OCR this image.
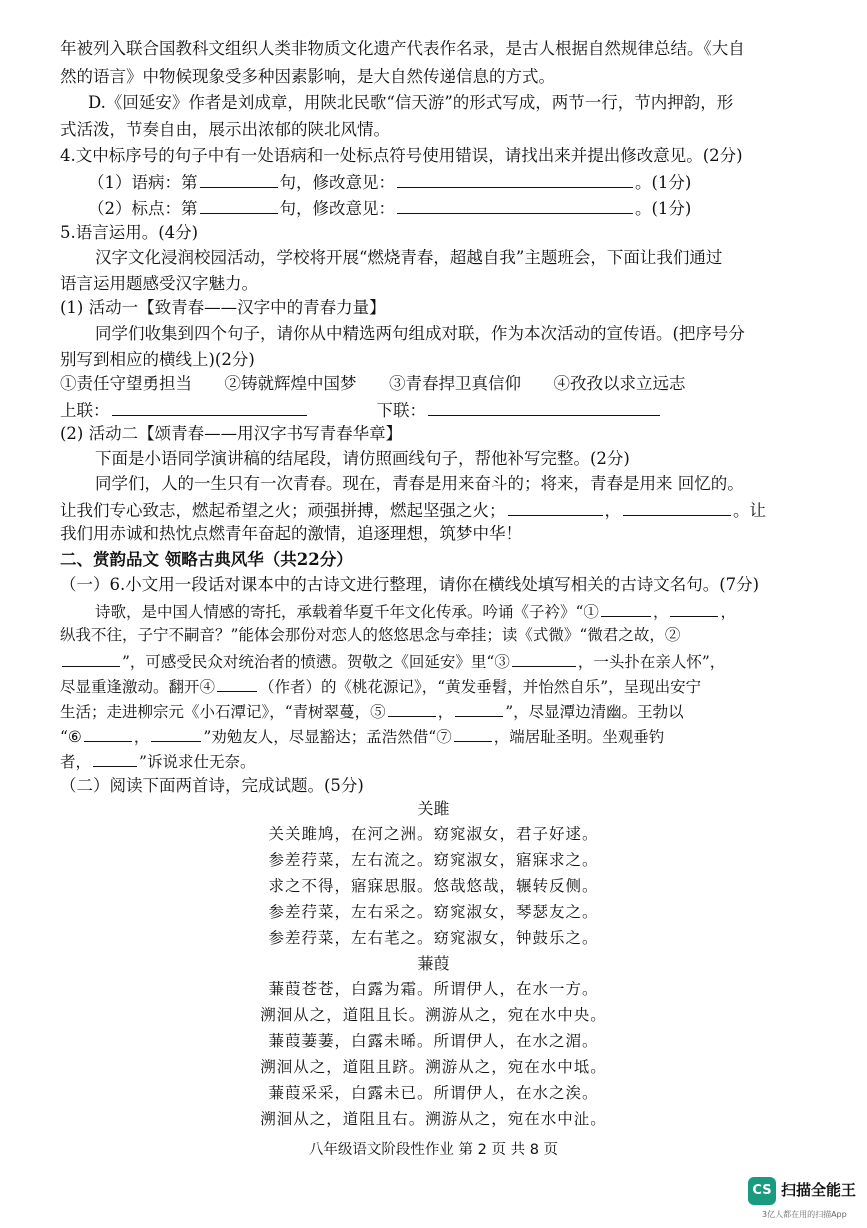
年被列入联合国教科文组织人类非物质文化遗产代表作名录，是古人根据自然规律总结。《大自
然的语言》中物候现象受多种因素影响，是大自然传递信息的方式。
D.《回延安》作者是刘成章，用陕北民歌“信天游”的形式写成，两节一行，节内押韵，形
式活泼，节奏自由，展示出浓郁的陕北风情。
4.文中标序号的句子中有一处语病和一处标点符号使用错误，请找出来并提出修改意见。(2分)
（1）语病：第	句，修改意见：	。(1分)
（2）标点：第	句，修改意见：	。(1分)
5.语言运用。(4分)
汉字文化浸润校园活动，学校将开展“燃烧青春，超越自我”主题班会，下面让我们通过
语言运用题感受汉字魅力。
(1) 活动一【致青春——汉字中的青春力量】
同学们收集到四个句子，请你从中精选两句组成对联，作为本次活动的宣传语。(把序号分
别写到相应的横线上)(2分)
①责任守望勇担当 ②铸就辉煌中国梦 ③青春捍卫真信仰 ④孜孜以求立远志
上联：	下联：
(2) 活动二【颂青春——用汉字书写青春华章】
下面是小语同学演讲稿的结尾段，请仿照画线句子，帮他补写完整。(2分)
同学们，人的一生只有一次青春。现在，青春是用来奋斗的；将来，青春是用来 回忆的。
让我们专心致志，燃起希望之火；顽强拼搏，燃起坚强之火；	，	。让
我们用赤诚和热忱点燃青年奋起的激情，追逐理想，筑梦中华！
二、赏韵品文 领略古典风华（共22分）
（一）6.小文用一段话对课本中的古诗文进行整理，请你在横线处填写相关的古诗文名句。(7分)
诗歌，是中国人情感的寄托，承载着华夏千年文化传承。吟诵《子衿》“①	，	，
纵我不往，子宁不嗣音？”能体会那份对恋人的悠悠思念与牵挂；读《式微》“微君之故，②
”，可感受民众对统治者的愤懑。贺敬之《回延安》里“③	，一头扑在亲人怀”，
尽显重逢激动。翻开④	（作者）的《桃花源记》，“黄发垂髫，并怡然自乐”，呈现出安宁
生活；走进柳宗元《小石潭记》，“青树翠蔓，⑤	，	”，尽显潭边清幽。王勃以
“⑥	，	”劝勉友人，尽显豁达；孟浩然借“⑦	，端居耻圣明。坐观垂钓
者，	”诉说求仕无奈。
（二）阅读下面两首诗，完成试题。(5分)
关雎
关关雎鸠，在河之洲。窈窕淑女，君子好逑。
参差荇菜，左右流之。窈窕淑女，寤寐求之。
求之不得，寤寐思服。悠哉悠哉，辗转反侧。
参差荇菜，左右采之。窈窕淑女，琴瑟友之。
参差荇菜，左右芼之。窈窕淑女，钟鼓乐之。
蒹葭
蒹葭苍苍，白露为霜。所谓伊人，在水一方。
溯洄从之，道阻且长。溯游从之，宛在水中央。
蒹葭萋萋，白露未晞。所谓伊人，在水之湄。
溯洄从之，道阻且跻。溯游从之，宛在水中坻。
蒹葭采采，白露未已。所谓伊人，在水之涘。
溯洄从之，道阻且右。溯游从之，宛在水中沚。
八年级语文阶段性作业 第 2 页 共 8 页
CS 扫描全能王
3亿人都在用的扫描App
